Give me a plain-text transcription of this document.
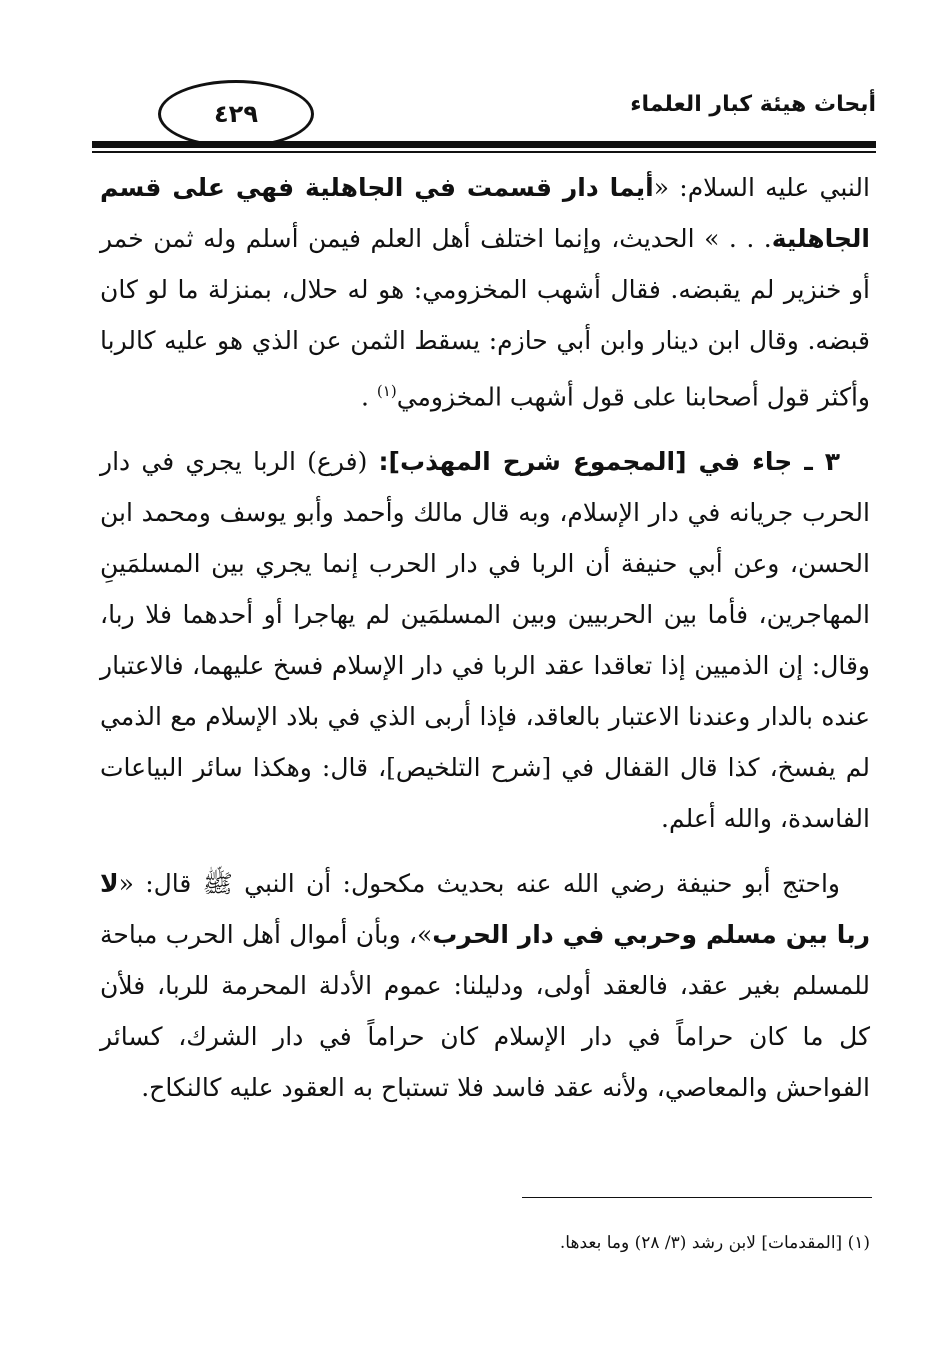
أبحاث هيئة كبار العلماء
٤٢٩

النبي عليه السلام: «أيما دار قسمت في الجاهلية فهي على قسم الجاهلية. . . » الحديث، وإنما اختلف أهل العلم فيمن أسلم وله ثمن خمر أو خنزير لم يقبضه. فقال أشهب المخزومي: هو له حلال، بمنزلة ما لو كان قبضه. وقال ابن دينار وابن أبي حازم: يسقط الثمن عن الذي هو عليه كالربا وأكثر قول أصحابنا على قول أشهب المخزومي$^{(١)}$ .

٣ ـ جاء في [المجموع شرح المهذب]: (فرع) الربا يجري في دار الحرب جريانه في دار الإسلام، وبه قال مالك وأحمد وأبو يوسف ومحمد ابن الحسن، وعن أبي حنيفة أن الربا في دار الحرب إنما يجري بين المسلمَينِ المهاجرين، فأما بين الحربيين وبين المسلمَين لم يهاجرا أو أحدهما فلا ربا، وقال: إن الذميين إذا تعاقدا عقد الربا في دار الإسلام فسخ عليهما، فالاعتبار عنده بالدار وعندنا الاعتبار بالعاقد، فإذا أربى الذي في بلاد الإسلام مع الذمي لم يفسخ، كذا قال القفال في [شرح التلخيص]، قال: وهكذا سائر البياعات الفاسدة، والله أعلم.

واحتج أبو حنيفة رضي الله عنه بحديث مكحول: أن النبي ﷺ قال: «لا ربا بين مسلم وحربي في دار الحرب»، وبأن أموال أهل الحرب مباحة للمسلم بغير عقد، فالعقد أولى، ودليلنا: عموم الأدلة المحرمة للربا، فلأن كل ما كان حراماً في دار الإسلام كان حراماً في دار الشرك، كسائر الفواحش والمعاصي، ولأنه عقد فاسد فلا تستباح به العقود عليه كالنكاح.

(١) [المقدمات] لابن رشد (٣/ ٢٨) وما بعدها.
